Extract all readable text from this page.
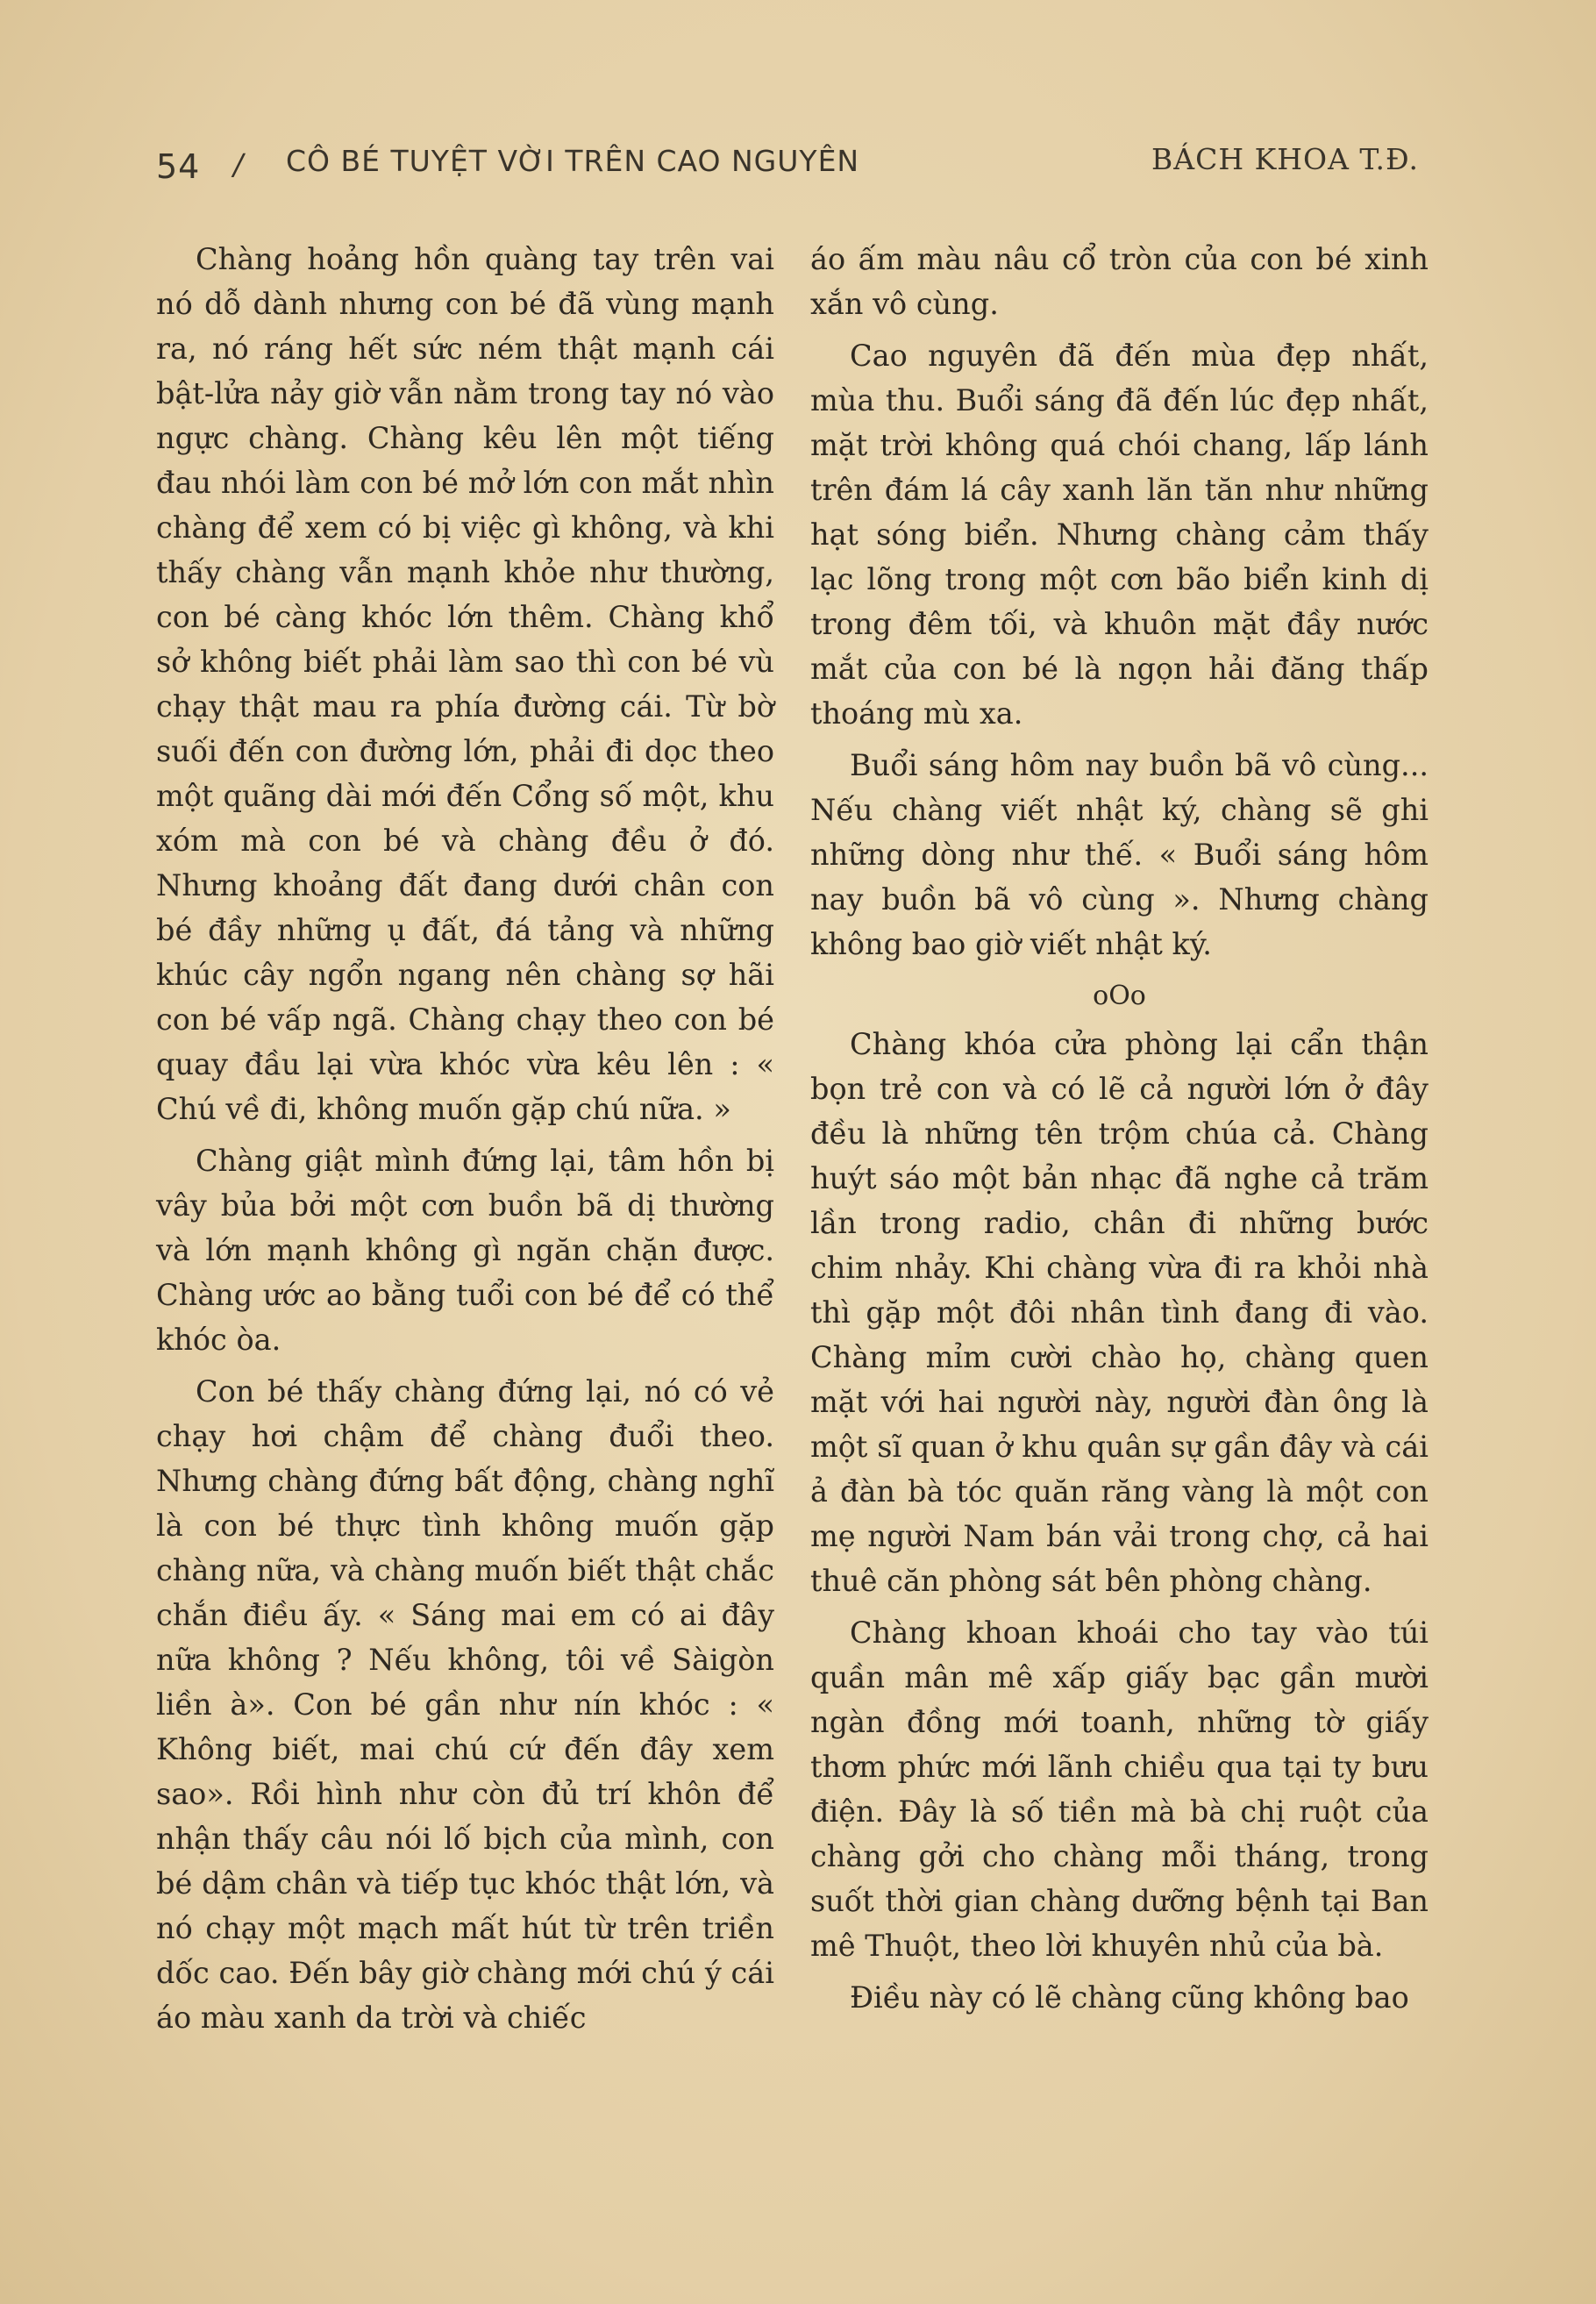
54 / CÔ BÉ TUYỆT VỜI TRÊN CAO NGUYÊN	BÁCH KHOA T.Đ.

Chàng hoảng hồn quàng tay trên vai nó dỗ dành nhưng con bé đã vùng mạnh ra, nó ráng hết sức ném thật mạnh cái bật-lửa nảy giờ vẫn nằm trong tay nó vào ngực chàng. Chàng kêu lên một tiếng đau nhói làm con bé mở lớn con mắt nhìn chàng để xem có bị việc gì không, và khi thấy chàng vẫn mạnh khỏe như thường, con bé càng khóc lớn thêm. Chàng khổ sở không biết phải làm sao thì con bé vù chạy thật mau ra phía đường cái. Từ bờ suối đến con đường lớn, phải đi dọc theo một quãng dài mới đến Cổng số một, khu xóm mà con bé và chàng đều ở đó. Nhưng khoảng đất đang dưới chân con bé đầy những ụ đất, đá tảng và những khúc cây ngổn ngang nên chàng sợ hãi con bé vấp ngã. Chàng chạy theo con bé quay đầu lại vừa khóc vừa kêu lên : « Chú về đi, không muốn gặp chú nữa. »

Chàng giật mình đứng lại, tâm hồn bị vây bủa bởi một cơn buồn bã dị thường và lớn mạnh không gì ngăn chặn được. Chàng ước ao bằng tuổi con bé để có thể khóc òa.

Con bé thấy chàng đứng lại, nó có vẻ chạy hơi chậm để chàng đuổi theo. Nhưng chàng đứng bất động, chàng nghĩ là con bé thực tình không muốn gặp chàng nữa, và chàng muốn biết thật chắc chắn điều ấy. « Sáng mai em có ai đây nữa không ? Nếu không, tôi về Sàigòn liền à». Con bé gần như nín khóc : « Không biết, mai chú cứ đến đây xem sao». Rồi hình như còn đủ trí khôn để nhận thấy câu nói lố bịch của mình, con bé dậm chân và tiếp tục khóc thật lớn, và nó chạy một mạch mất hút từ trên triền dốc cao. Đến bây giờ chàng mới chú ý cái áo màu xanh da trời và chiếc

áo ấm màu nâu cổ tròn của con bé xinh xắn vô cùng.

Cao nguyên đã đến mùa đẹp nhất, mùa thu. Buổi sáng đã đến lúc đẹp nhất, mặt trời không quá chói chang, lấp lánh trên đám lá cây xanh lăn tăn như những hạt sóng biển. Nhưng chàng cảm thấy lạc lõng trong một cơn bão biển kinh dị trong đêm tối, và khuôn mặt đầy nước mắt của con bé là ngọn hải đăng thấp thoáng mù xa.

Buổi sáng hôm nay buồn bã vô cùng... Nếu chàng viết nhật ký, chàng sẽ ghi những dòng như thế. « Buổi sáng hôm nay buồn bã vô cùng ». Nhưng chàng không bao giờ viết nhật ký.

oOo

Chàng khóa cửa phòng lại cẩn thận bọn trẻ con và có lẽ cả người lớn ở đây đều là những tên trộm chúa cả. Chàng huýt sáo một bản nhạc đã nghe cả trăm lần trong radio, chân đi những bước chim nhảy. Khi chàng vừa đi ra khỏi nhà thì gặp một đôi nhân tình đang đi vào. Chàng mỉm cười chào họ, chàng quen mặt với hai người này, người đàn ông là một sĩ quan ở khu quân sự gần đây và cái ả đàn bà tóc quăn răng vàng là một con mẹ người Nam bán vải trong chợ, cả hai thuê căn phòng sát bên phòng chàng.

Chàng khoan khoái cho tay vào túi quần mân mê xấp giấy bạc gần mười ngàn đồng mới toanh, những tờ giấy thơm phức mới lãnh chiều qua tại ty bưu điện. Đây là số tiền mà bà chị ruột của chàng gởi cho chàng mỗi tháng, trong suốt thời gian chàng dưỡng bệnh tại Ban mê Thuột, theo lời khuyên nhủ của bà.

Điều này có lẽ chàng cũng không bao
